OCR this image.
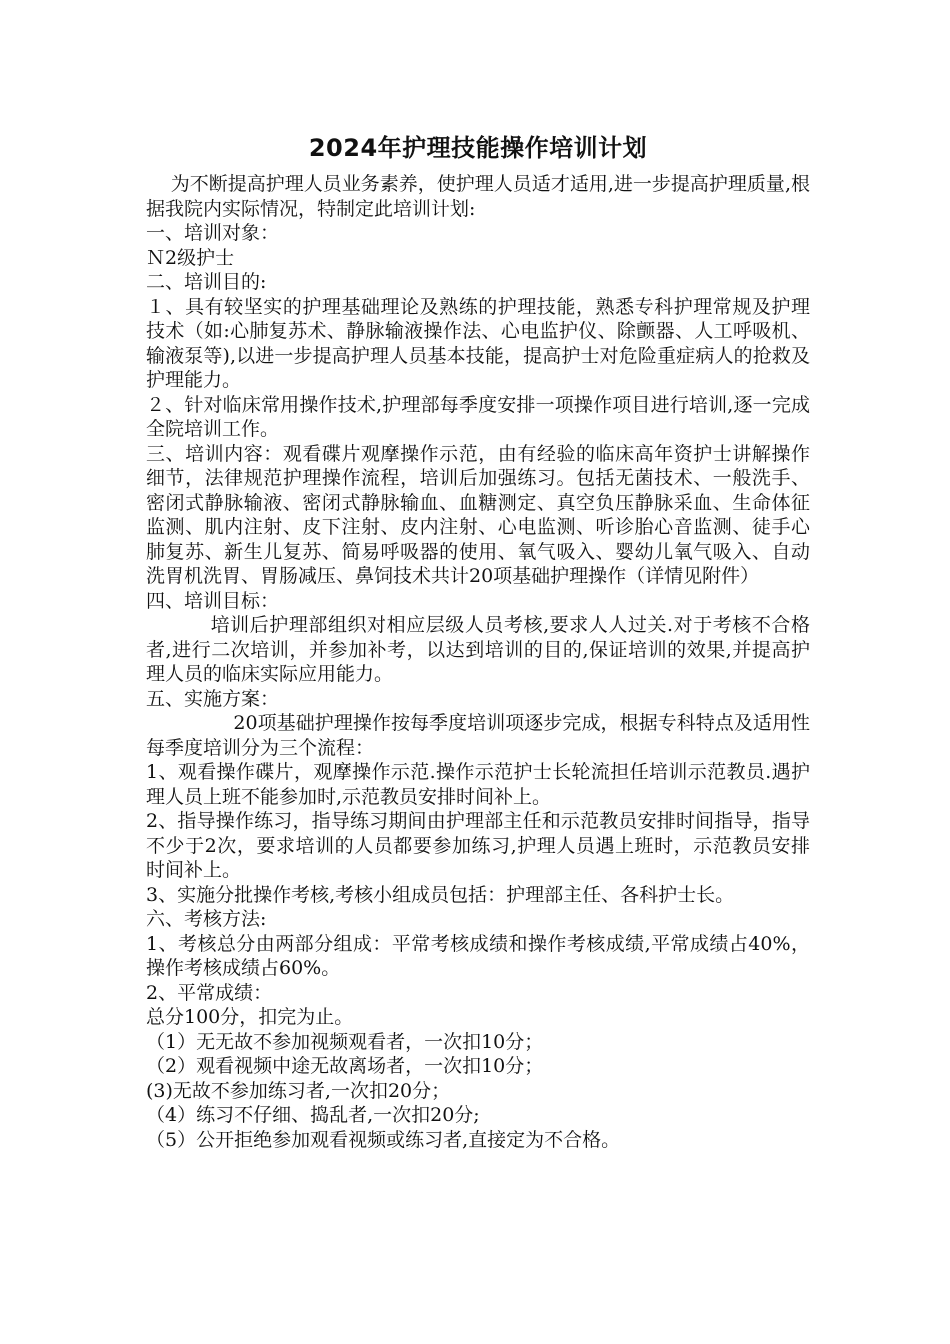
2024年护理技能操作培训计划

为不断提高护理人员业务素养，使护理人员适才适用,进一步提高护理质量,根据我院内实际情况，特制定此培训计划:

一、培训对象：

Ｎ2级护士

二、培训目的:

１、具有较坚实的护理基础理论及熟练的护理技能，熟悉专科护理常规及护理技术（如:心肺复苏术、静脉输液操作法、心电监护仪、除颤器、人工呼吸机、输液泵等),以进一步提高护理人员基本技能，提高护士对危险重症病人的抢救及护理能力。

２、针对临床常用操作技术,护理部每季度安排一项操作项目进行培训,逐一完成全院培训工作。

三、培训内容：观看碟片观摩操作示范，由有经验的临床高年资护士讲解操作细节，法律规范护理操作流程，培训后加强练习。包括无菌技术、一般洗手、密闭式静脉输液、密闭式静脉输血、血糖测定、真空负压静脉采血、生命体征监测、肌内注射、皮下注射、皮内注射、心电监测、听诊胎心音监测、徒手心肺复苏、新生儿复苏、简易呼吸器的使用、氧气吸入、婴幼儿氧气吸入、自动洗胃机洗胃、胃肠减压、鼻饲技术共计20项基础护理操作（详情见附件）

四、培训目标：

培训后护理部组织对相应层级人员考核,要求人人过关.对于考核不合格者,进行二次培训，并参加补考，以达到培训的目的,保证培训的效果,并提高护理人员的临床实际应用能力。

五、实施方案：

20项基础护理操作按每季度培训项逐步完成，根据专科特点及适用性每季度培训分为三个流程：

1、观看操作碟片，观摩操作示范.操作示范护士长轮流担任培训示范教员.遇护理人员上班不能参加时,示范教员安排时间补上。

2、指导操作练习，指导练习期间由护理部主任和示范教员安排时间指导，指导不少于2次，要求培训的人员都要参加练习,护理人员遇上班时，示范教员安排时间补上。

3、实施分批操作考核,考核小组成员包括：护理部主任、各科护士长。

六、考核方法:

1、考核总分由两部分组成：平常考核成绩和操作考核成绩,平常成绩占40%，操作考核成绩占60%。

2、平常成绩：

总分100分，扣完为止。

（1）无无故不参加视频观看者，一次扣10分；

（2）观看视频中途无故离场者，一次扣10分；

(3)无故不参加练习者,一次扣20分；

（4）练习不仔细、捣乱者,一次扣20分;

（5）公开拒绝参加观看视频或练习者,直接定为不合格。
